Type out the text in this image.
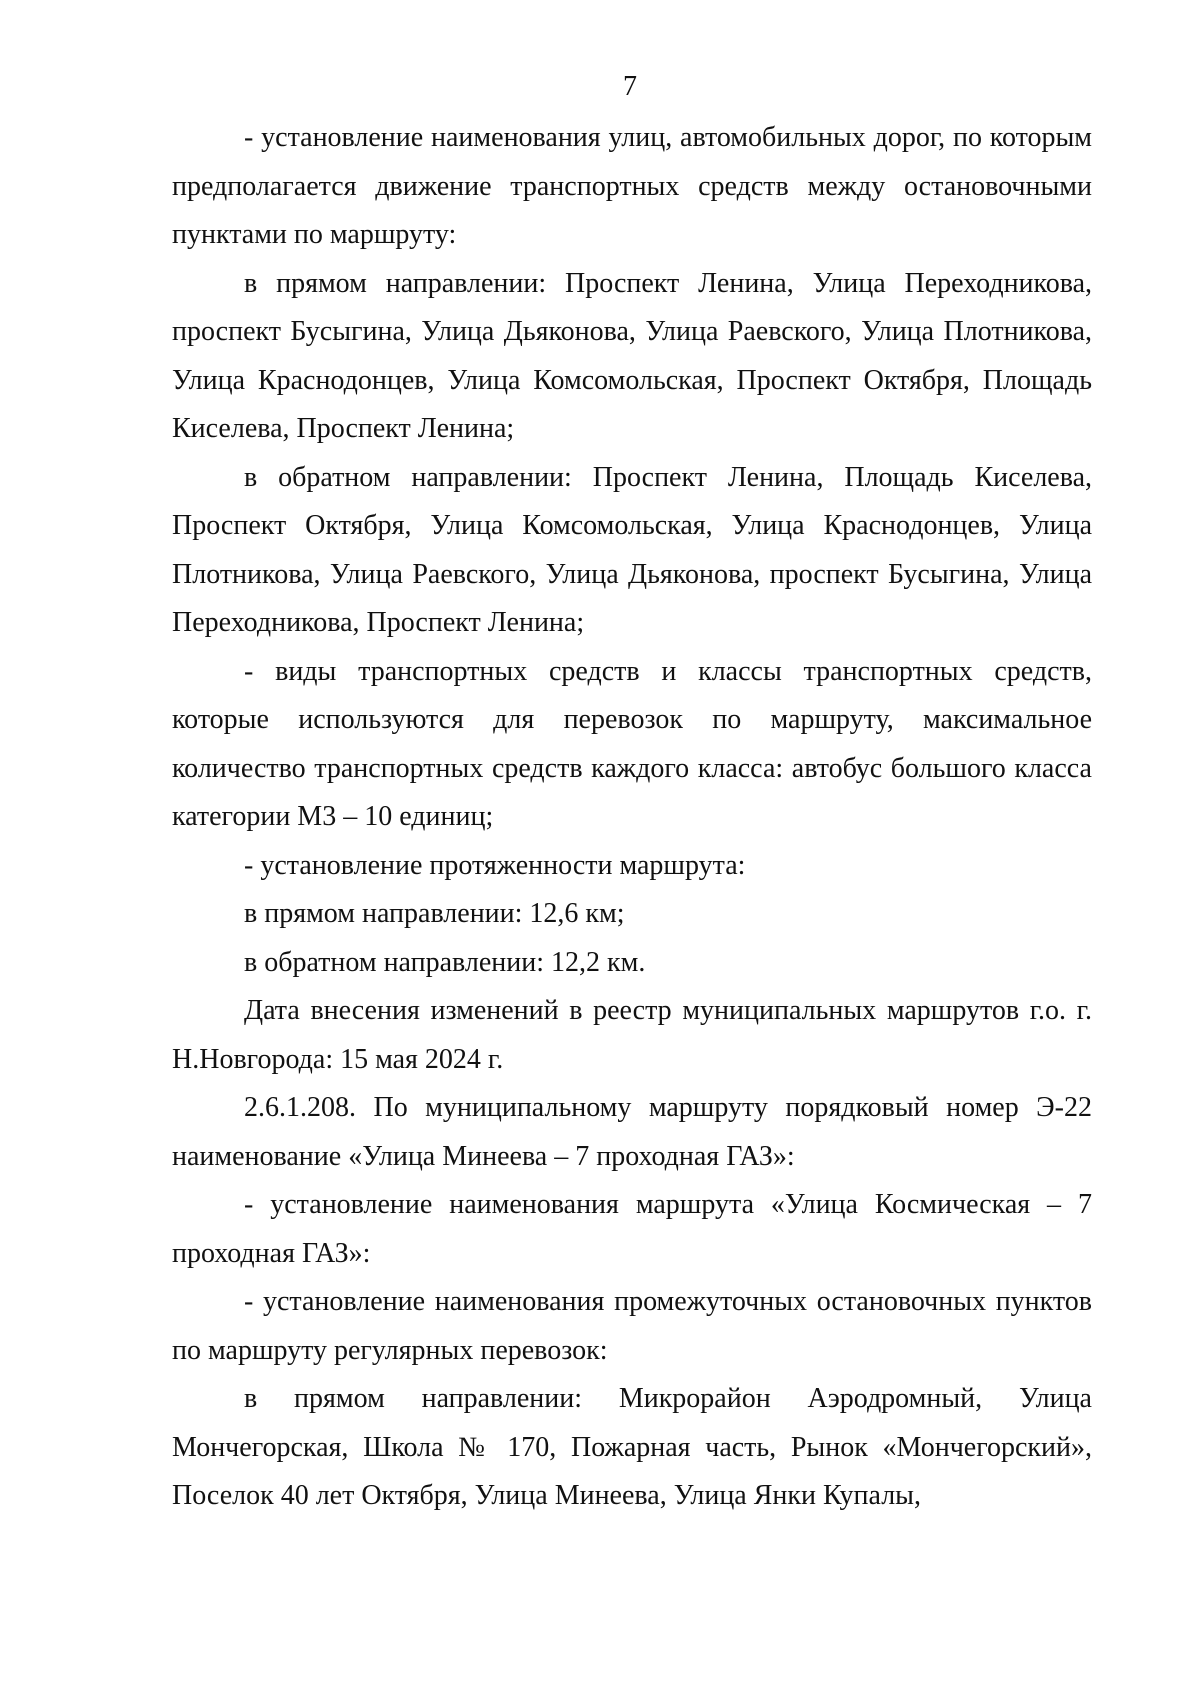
7

- установление наименования улиц, автомобильных дорог, по которым предполагается движение транспортных средств между остановочными пунктами по маршруту:

в прямом направлении: Проспект Ленина, Улица Переходникова, проспект Бусыгина, Улица Дьяконова, Улица Раевского, Улица Плотникова, Улица Краснодонцев, Улица Комсомольская, Проспект Октября, Площадь Киселева, Проспект Ленина;

в обратном направлении: Проспект Ленина, Площадь Киселева, Проспект Октября, Улица Комсомольская, Улица Краснодонцев, Улица Плотникова, Улица Раевского, Улица Дьяконова, проспект Бусыгина, Улица Переходникова, Проспект Ленина;

- виды транспортных средств и классы транспортных средств, которые используются для перевозок по маршруту, максимальное количество транспортных средств каждого класса: автобус большого класса категории М3 – 10 единиц;

- установление протяженности маршрута:

в прямом направлении: 12,6 км;

в обратном направлении: 12,2 км.

Дата внесения изменений в реестр муниципальных маршрутов г.о. г. Н.Новгорода: 15 мая 2024 г.

2.6.1.208. По муниципальному маршруту порядковый номер Э-22 наименование «Улица Минеева – 7 проходная ГАЗ»:

- установление наименования маршрута «Улица Космическая – 7 проходная ГАЗ»:

- установление наименования промежуточных остановочных пунктов по маршруту регулярных перевозок:

в прямом направлении: Микрорайон Аэродромный, Улица Мончегорская, Школа № 170, Пожарная часть, Рынок «Мончегорский», Поселок 40 лет Октября, Улица Минеева, Улица Янки Купалы,
